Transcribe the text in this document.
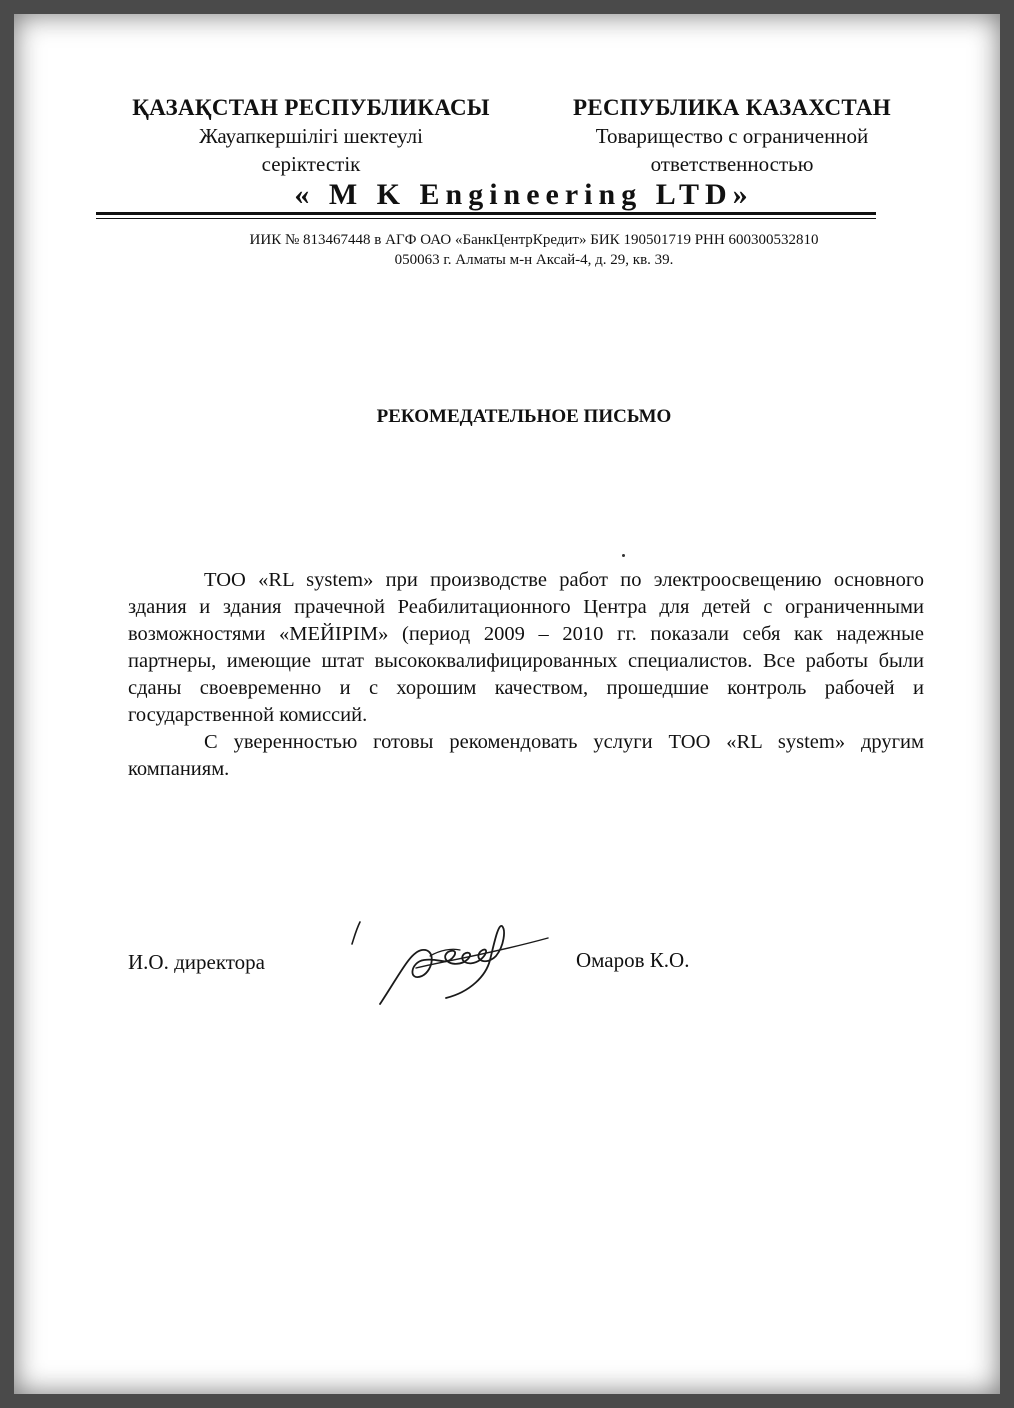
ҚАЗАҚСТАН РЕСПУБЛИКАСЫ
Жауапкершілігі шектеулі
серіктестік
РЕСПУБЛИКА КАЗАХСТАН
Товарищество с ограниченной
ответственностью
« M K Engineering LTD»
ИИК № 813467448 в АГФ ОАО «БанкЦентрКредит» БИК 190501719 РНН 600300532810
050063 г. Алматы м-н Аксай-4, д. 29, кв. 39.
РЕКОМЕДАТЕЛЬНОЕ ПИСЬМО

ТОО «RL system» при производстве работ по электроосвещению основного здания и здания прачечной Реабилитационного Центра для детей с ограниченными возможностями «МЕЙIРIМ» (период 2009 – 2010 гг. показали себя как надежные партнеры, имеющие штат высококвалифицированных специалистов. Все работы были сданы своевременно и с хорошим качеством, прошедшие контроль рабочей и государственной комиссий.

С уверенностью готовы рекомендовать услуги ТОО «RL system» другим компаниям.

И.О. директора	Омаров К.О.
